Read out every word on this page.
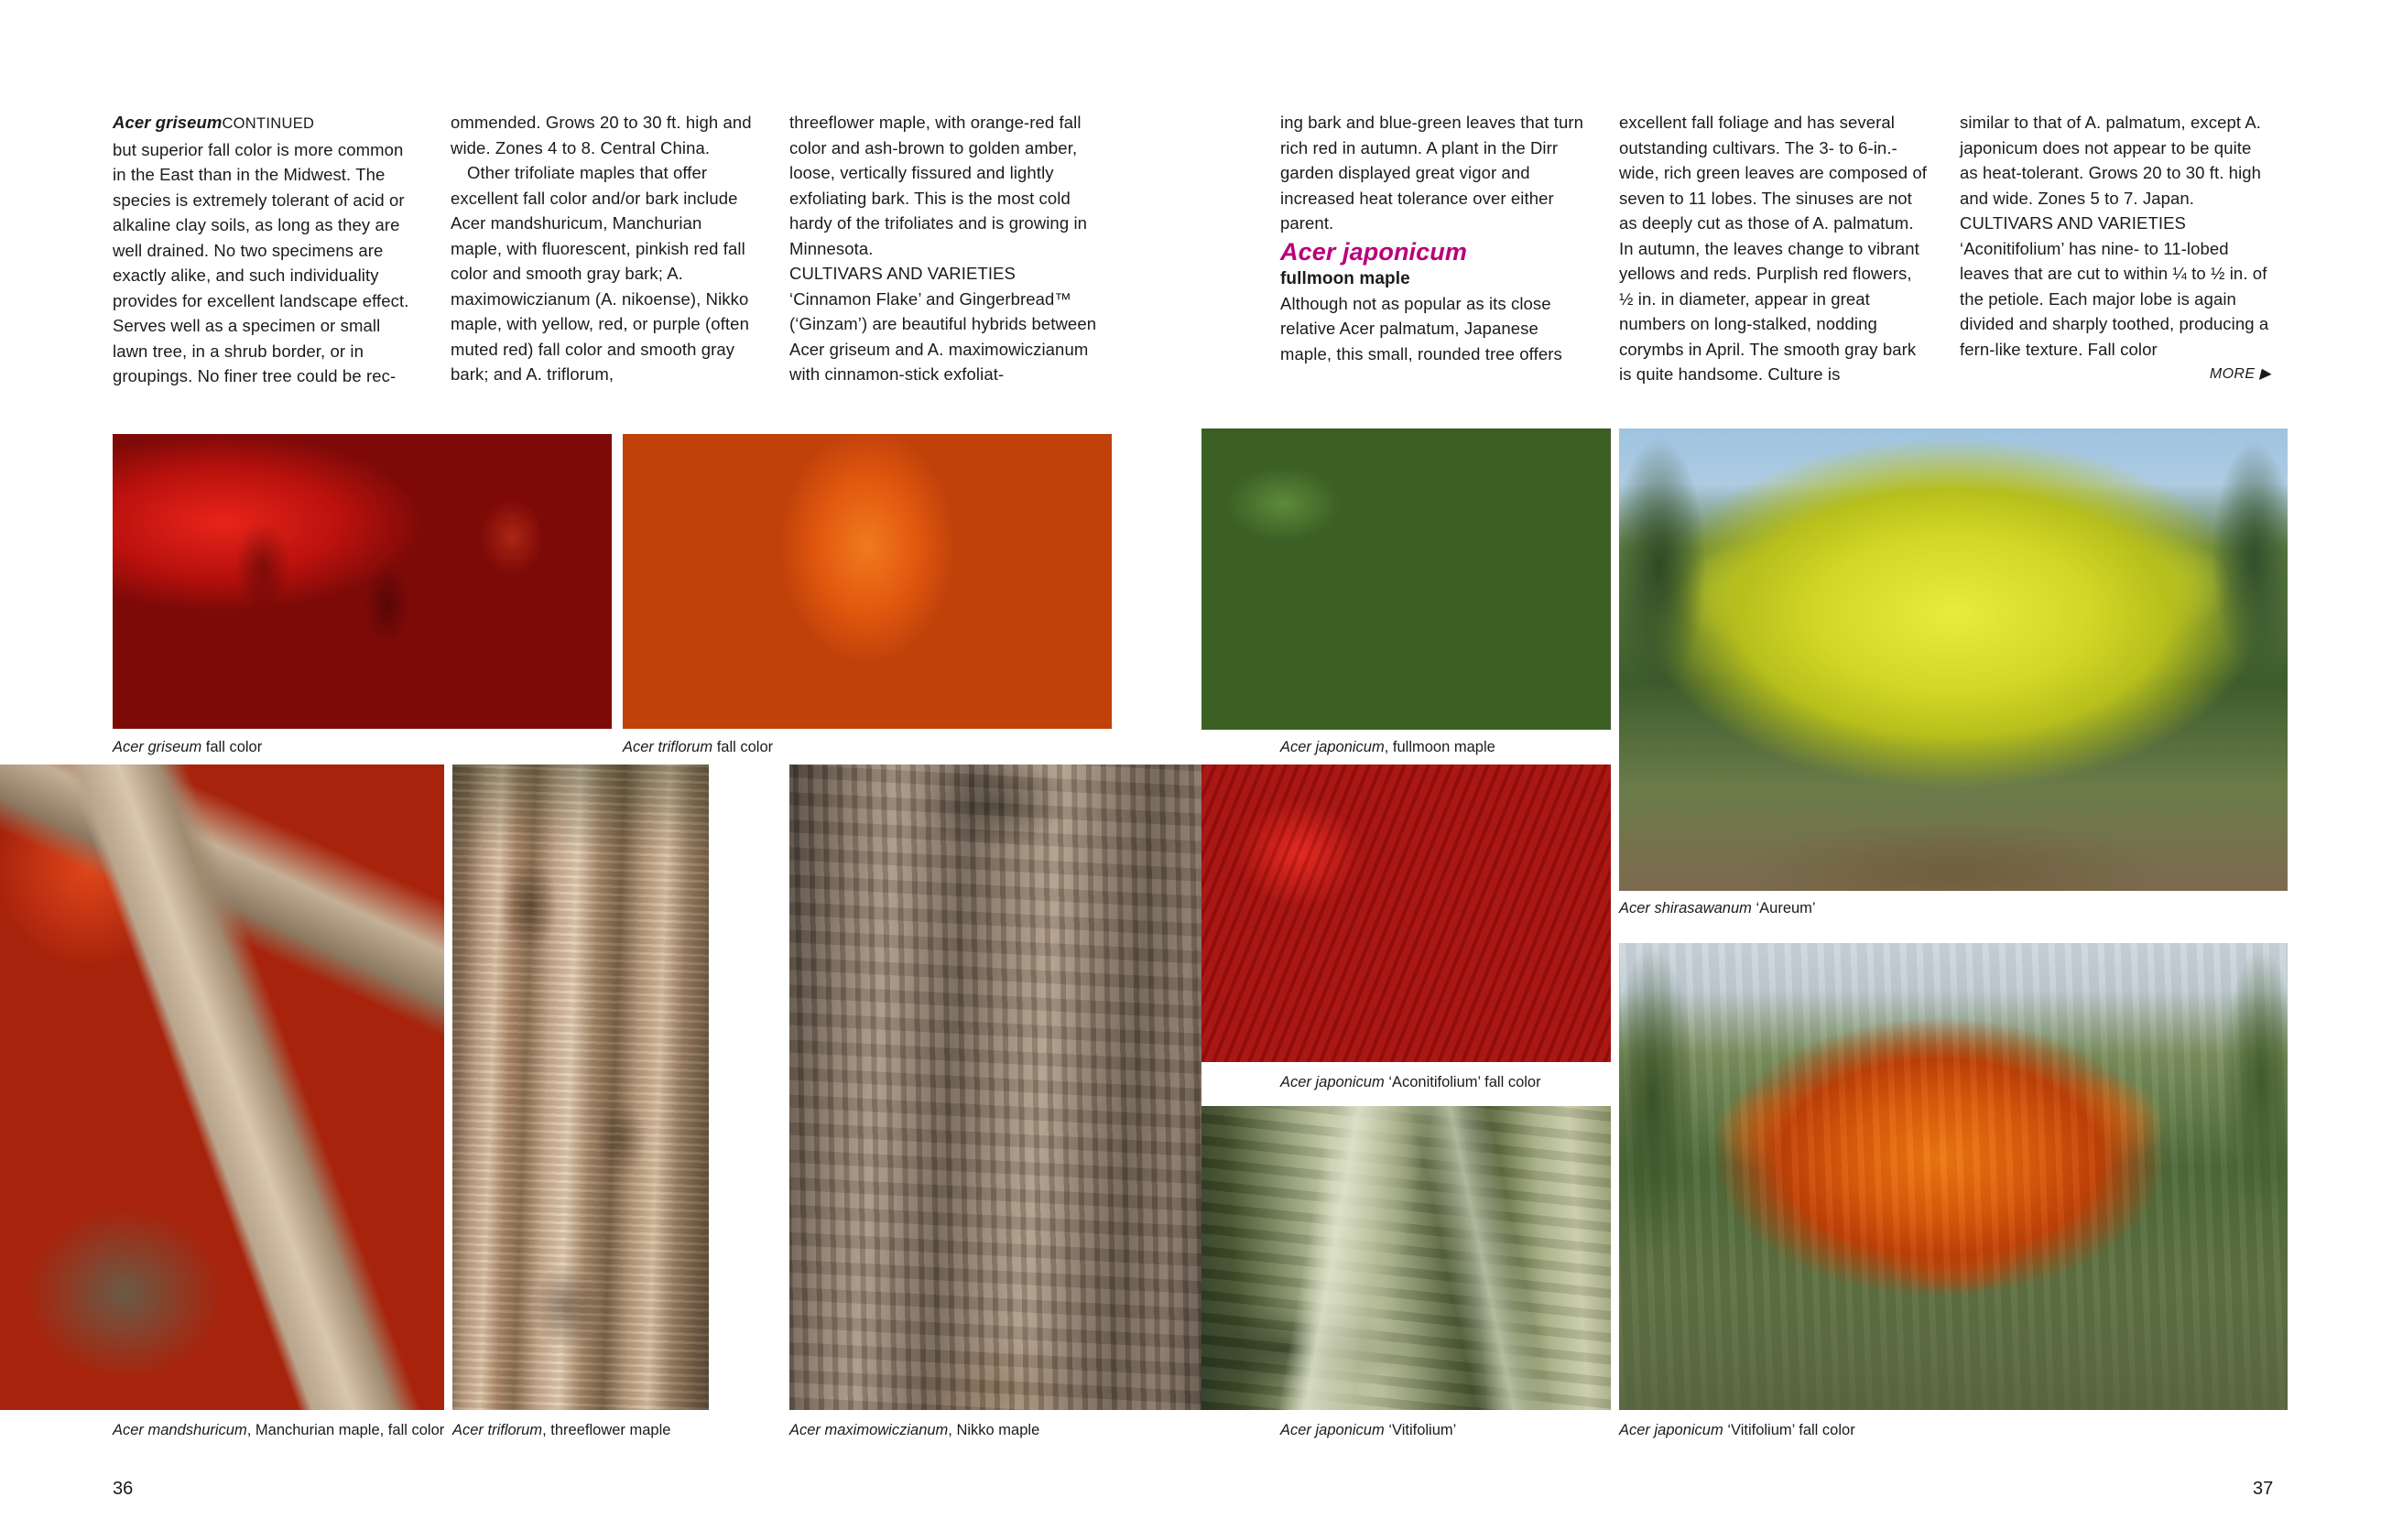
Acer griseumCONTINUED

but superior fall color is more common in the East than in the Midwest. The species is extremely tolerant of acid or alkaline clay soils, as long as they are well drained. No two specimens are exactly alike, and such individuality provides for excellent landscape effect. Serves well as a specimen or small lawn tree, in a shrub border, or in groupings. No finer tree could be rec-

ommended. Grows 20 to 30 ft. high and wide. Zones 4 to 8. Central China.

Other trifoliate maples that offer excellent fall color and/or bark include Acer mandshuricum, Manchurian maple, with fluorescent, pinkish red fall color and smooth gray bark; A. maximowiczianum (A. nikoense), Nikko maple, with yellow, red, or purple (often muted red) fall color and smooth gray bark; and A. triflorum,

threeflower maple, with orange-red fall color and ash-brown to golden amber, loose, vertically fissured and lightly exfoliating bark. This is the most cold hardy of the trifoliates and is growing in Minnesota.

CULTIVARS AND VARIETIES

‘Cinnamon Flake’ and Gingerbread™ (‘Ginzam’) are beautiful hybrids between Acer griseum and A. maximowiczianum with cinnamon-stick exfoliat-

ing bark and blue-green leaves that turn rich red in autumn. A plant in the Dirr garden displayed great vigor and increased heat tolerance over either parent.

Acer japonicum

fullmoon maple

Although not as popular as its close relative Acer palmatum, Japanese maple, this small, rounded tree offers

excellent fall foliage and has several outstanding cultivars. The 3- to 6-in.-wide, rich green leaves are composed of seven to 11 lobes. The sinuses are not as deeply cut as those of A. palmatum. In autumn, the leaves change to vibrant yellows and reds. Purplish red flowers, ½ in. in diameter, appear in great numbers on long-stalked, nodding corymbs in April. The smooth gray bark is quite handsome. Culture is

similar to that of A. palmatum, except A. japonicum does not appear to be quite as heat-tolerant. Grows 20 to 30 ft. high and wide. Zones 5 to 7. Japan.

CULTIVARS AND VARIETIES

‘Aconitifolium’ has nine- to 11-lobed leaves that are cut to within ¼ to ½ in. of the petiole. Each major lobe is again divided and sharply toothed, producing a fern-like texture. Fall color

MORE ▶

Acer griseum fall color	Acer triflorum fall color
Acer mandshuricum, Manchurian maple, fall color Acer triflorum, threeflower maple	Acer maximowiczianum, Nikko maple
Acer japonicum, fullmoon maple
Acer shirasawanum ‘Aureum’
Acer japonicum ‘Aconitifolium’ fall color
Acer japonicum ‘Vitifolium’	Acer japonicum ‘Vitifolium’ fall color
36	37
